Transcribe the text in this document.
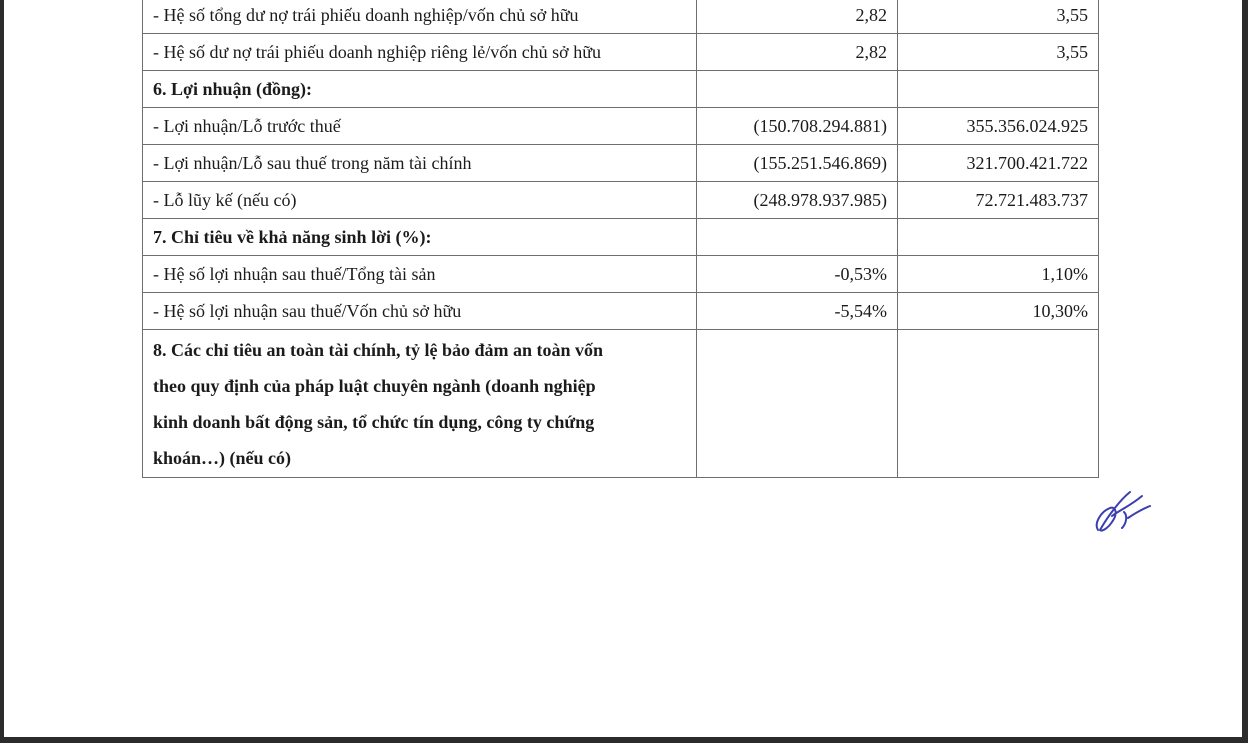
- Hệ số tổng dư nợ trái phiếu doanh nghiệp/vốn chủ sở hữu	2,82	3,55
- Hệ số dư nợ trái phiếu doanh nghiệp riêng lẻ/vốn chủ sở hữu	2,82	3,55
6. Lợi nhuận (đồng):		
- Lợi nhuận/Lỗ trước thuế	(150.708.294.881)	355.356.024.925
- Lợi nhuận/Lỗ sau thuế trong năm tài chính	(155.251.546.869)	321.700.421.722
- Lỗ lũy kế (nếu có)	(248.978.937.985)	72.721.483.737
7. Chỉ tiêu về khả năng sinh lời (%):		
- Hệ số lợi nhuận sau thuế/Tổng tài sản	-0,53%	1,10%
- Hệ số lợi nhuận sau thuế/Vốn chủ sở hữu	-5,54%	10,30%

8. Các chỉ tiêu an toàn tài chính, tỷ lệ bảo đảm an toàn vốn
theo quy định của pháp luật chuyên ngành (doanh nghiệp
kinh doanh bất động sản, tổ chức tín dụng, công ty chứng
khoán…) (nếu có)		
